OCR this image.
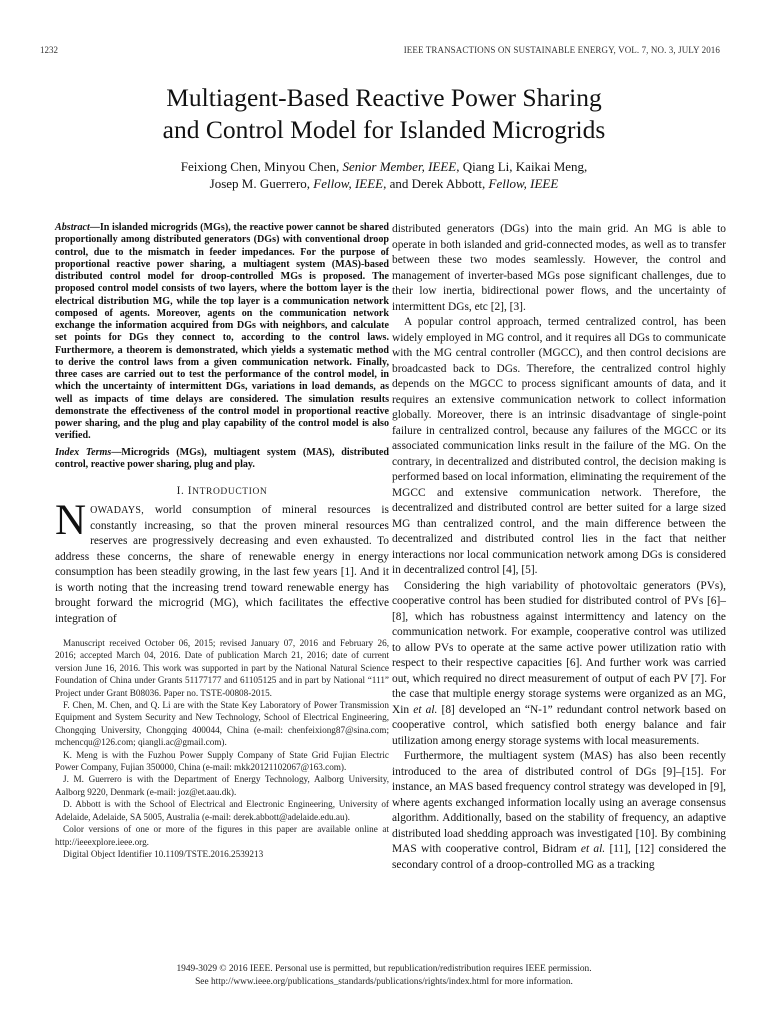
1232	IEEE TRANSACTIONS ON SUSTAINABLE ENERGY, VOL. 7, NO. 3, JULY 2016
Multiagent-Based Reactive Power Sharing
and Control Model for Islanded Microgrids
Feixiong Chen, Minyou Chen, Senior Member, IEEE, Qiang Li, Kaikai Meng,
Josep M. Guerrero, Fellow, IEEE, and Derek Abbott, Fellow, IEEE
Abstract—In islanded microgrids (MGs), the reactive power cannot be shared proportionally among distributed generators (DGs) with conventional droop control, due to the mismatch in feeder impedances. For the purpose of proportional reactive power sharing, a multiagent system (MAS)-based distributed control model for droop-controlled MGs is proposed. The proposed control model consists of two layers, where the bottom layer is the electrical distribution MG, while the top layer is a communication network composed of agents. Moreover, agents on the communication network exchange the information acquired from DGs with neighbors, and calculate set points for DGs they connect to, according to the control laws. Furthermore, a theorem is demonstrated, which yields a systematic method to derive the control laws from a given communication network. Finally, three cases are carried out to test the performance of the control model, in which the uncertainty of intermittent DGs, variations in load demands, as well as impacts of time delays are considered. The simulation results demonstrate the effectiveness of the control model in proportional reactive power sharing, and the plug and play capability of the control model is also verified.
Index Terms—Microgrids (MGs), multiagent system (MAS), distributed control, reactive power sharing, plug and play.
I. INTRODUCTION

NOWADAYS, world consumption of mineral resources is constantly increasing, so that the proven mineral resources reserves are progressively decreasing and even exhausted. To address these concerns, the share of renewable energy in energy consumption has been steadily growing, in the last few years [1]. And it is worth noting that the increasing trend toward renewable energy has brought forward the microgrid (MG), which facilitates the effective integration of

Manuscript received October 06, 2015; revised January 07, 2016 and February 26, 2016; accepted March 04, 2016. Date of publication March 21, 2016; date of current version June 16, 2016. This work was supported in part by the National Natural Science Foundation of China under Grants 51177177 and 61105125 and in part by National “111” Project under Grant B08036. Paper no. TSTE-00808-2015.

F. Chen, M. Chen, and Q. Li are with the State Key Laboratory of Power Transmission Equipment and System Security and New Technology, School of Electrical Engineering, Chongqing University, Chongqing 400044, China (e-mail: chenfeixiong87@sina.com; mchencqu@126.com; qiangli.ac@gmail.com).

K. Meng is with the Fuzhou Power Supply Company of State Grid Fujian Electric Power Company, Fujian 350000, China (e-mail: mkk20121102067@163.com).

J. M. Guerrero is with the Department of Energy Technology, Aalborg University, Aalborg 9220, Denmark (e-mail: joz@et.aau.dk).

D. Abbott is with the School of Electrical and Electronic Engineering, University of Adelaide, Adelaide, SA 5005, Australia (e-mail: derek.abbott@adelaide.edu.au).

Color versions of one or more of the figures in this paper are available online at http://ieeexplore.ieee.org.

Digital Object Identifier 10.1109/TSTE.2016.2539213

distributed generators (DGs) into the main grid. An MG is able to operate in both islanded and grid-connected modes, as well as to transfer between these two modes seamlessly. However, the control and management of inverter-based MGs pose significant challenges, due to their low inertia, bidirectional power flows, and the uncertainty of intermittent DGs, etc [2], [3].

A popular control approach, termed centralized control, has been widely employed in MG control, and it requires all DGs to communicate with the MG central controller (MGCC), and then control decisions are broadcasted back to DGs. Therefore, the centralized control highly depends on the MGCC to process significant amounts of data, and it requires an extensive communication network to collect information globally. Moreover, there is an intrinsic disadvantage of single-point failure in centralized control, because any failures of the MGCC or its associated communication links result in the failure of the MG. On the contrary, in decentralized and distributed control, the decision making is performed based on local information, eliminating the requirement of the MGCC and extensive communication network. Therefore, the decentralized and distributed control are better suited for a large sized MG than centralized control, and the main difference between the decentralized and distributed control lies in the fact that neither interactions nor local communication network among DGs is considered in decentralized control [4], [5].

Considering the high variability of photovoltaic generators (PVs), cooperative control has been studied for distributed control of PVs [6]–[8], which has robustness against intermittency and latency on the communication network. For example, cooperative control was utilized to allow PVs to operate at the same active power utilization ratio with respect to their respective capacities [6]. And further work was carried out, which required no direct measurement of output of each PV [7]. For the case that multiple energy storage systems were organized as an MG, Xin et al. [8] developed an “N-1” redundant control network based on cooperative control, which satisfied both energy balance and fair utilization among energy storage systems with local measurements.

Furthermore, the multiagent system (MAS) has also been recently introduced to the area of distributed control of DGs [9]–[15]. For instance, an MAS based frequency control strategy was developed in [9], where agents exchanged information locally using an average consensus algorithm. Additionally, based on the stability of frequency, an adaptive distributed load shedding approach was investigated [10]. By combining MAS with cooperative control, Bidram et al. [11], [12] considered the secondary control of a droop-controlled MG as a tracking

1949-3029 © 2016 IEEE. Personal use is permitted, but republication/redistribution requires IEEE permission.
See http://www.ieee.org/publications_standards/publications/rights/index.html for more information.
